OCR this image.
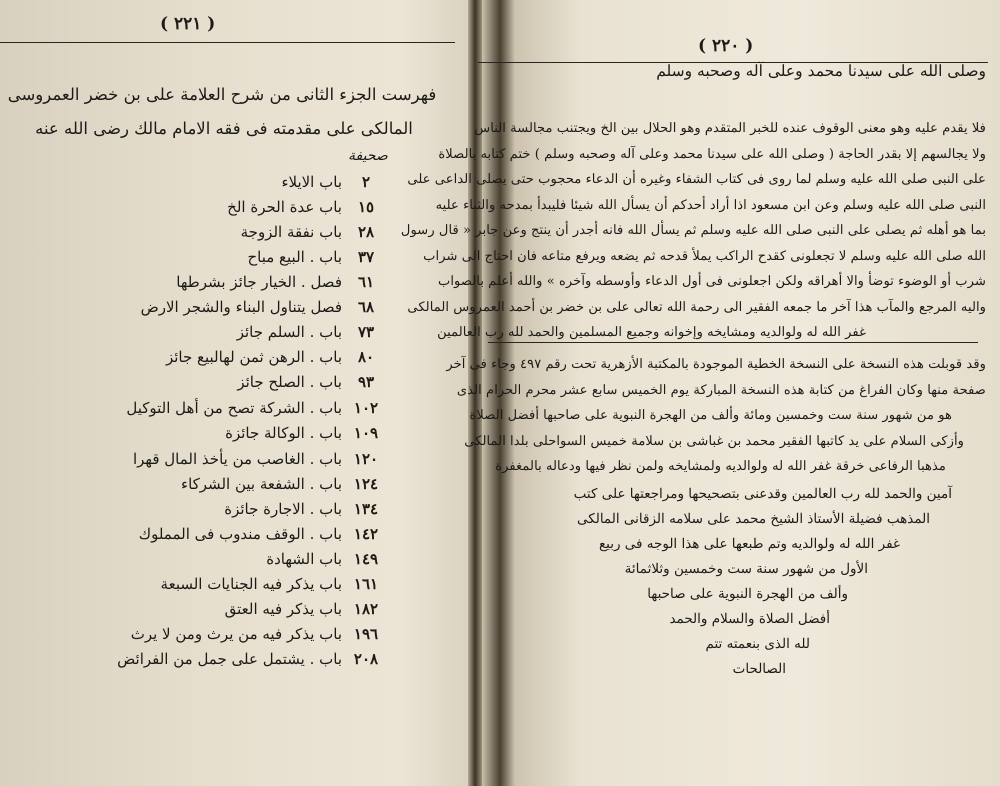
( ٢٢١ )
فهرست الجزء الثانى من شرح العلامة على بن خضر العمروسى
المالكى على مقدمته فى فقه الامام مالك رضى الله عنه
صحيفة
٢
باب الايلاء
١٥
باب عدة الحرة الخ
٢٨
باب نفقة الزوجة
٣٧
باب . البيع مباح
٦١
فصل . الخيار جائز بشرطها
٦٨
فصل يتناول البناء والشجر الارض
٧٣
باب . السلم جائز
٨٠
باب . الرهن ثمن لهالبيع جائز
٩٣
باب . الصلح جائز
١٠٢
باب . الشركة تصح من أهل التوكيل
١٠٩
باب . الوكالة جائزة
١٢٠
باب . الغاصب من يأخذ المال قهرا
١٢٤
باب . الشفعة بين الشركاء
١٣٤
باب . الاجارة جائزة
١٤٢
باب . الوقف مندوب فى المملوك
١٤٩
باب الشهادة
١٦١
باب يذكر فيه الجنايات السبعة
١٨٢
باب يذكر فيه العتق
١٩٦
باب يذكر فيه من يرث ومن لا يرث
٢٠٨
باب . يشتمل على جمل من الفرائض
( ٢٢٠ )
وصلى الله على سيدنا محمد وعلى آله وصحبه وسلم
فلا يقدم عليه وهو معنى الوقوف عنده للخبر المتقدم وهو الحلال بين الخ ويجتنب مجالسة الناس
ولا يجالسهم إلا بقدر الحاجة ( وصلى الله على سيدنا محمد وعلى آله وصحبه وسلم ) ختم كتابه بالصلاة
على النبى صلى الله عليه وسلم لما روى فى كتاب الشفاء وغيره أن الدعاء محجوب حتى يصلى الداعى على
النبى صلى الله عليه وسلم وعن ابن مسعود اذا أراد أحدكم أن يسأل الله شيئا فليبدأ بمدحه والثناء عليه
بما هو أهله ثم يصلى على النبى صلى الله عليه وسلم ثم يسأل الله فانه أجدر أن ينتج وعن جابر « قال رسول
الله صلى الله عليه وسلم لا تجعلونى كقدح الراكب يملأ قدحه ثم يضعه ويرفع متاعه فان احتاج الى شراب
شرب أو الوضوء توضأ والا أهراقه ولكن اجعلونى فى أول الدعاء وأوسطه وآخره » والله أعلم بالصواب
واليه المرجع والمآب هذا آخر ما جمعه الفقير الى رحمة الله تعالى على بن خضر بن أحمد العمروس المالكى
غفر الله له ولوالديه ومشايخه وإخوانه وجميع المسلمين والحمد لله رب العالمين
وقد قوبلت هذه النسخة على النسخة الخطية الموجودة بالمكتبة الأزهرية تحت رقم ٤٩٧ وجاء فى آخر
صفحة منها وكان الفراغ من كتابة هذه النسخة المباركة يوم الخميس سابع عشر محرم الحرام الذى
هو من شهور سنة ست وخمسين ومائة وألف من الهجرة النبوية على صاحبها أفضل الصلاة
وأزكى السلام على يد كاتبها الفقير محمد بن غباشى بن سلامة خميس السواحلى بلدا المالكى
مذهبا الرفاعى خرقة غفر الله له ولوالديه ولمشايخه ولمن نظر فيها ودعاله بالمغفرة
آمين والحمد لله رب العالمين وقدعنى بتصحيحها ومراجعتها على كتب
المذهب فضيلة الأستاذ الشيخ محمد على سلامه الزقانى المالكى
غفر الله له ولوالديه وتم طبعها على هذا الوجه فى ربيع
الأول من شهور سنة ست وخمسين وثلاثمائة
وألف من الهجرة النبوية على صاحبها
أفضل الصلاة والسلام والحمد
لله الذى بنعمته تتم
الصالحات
